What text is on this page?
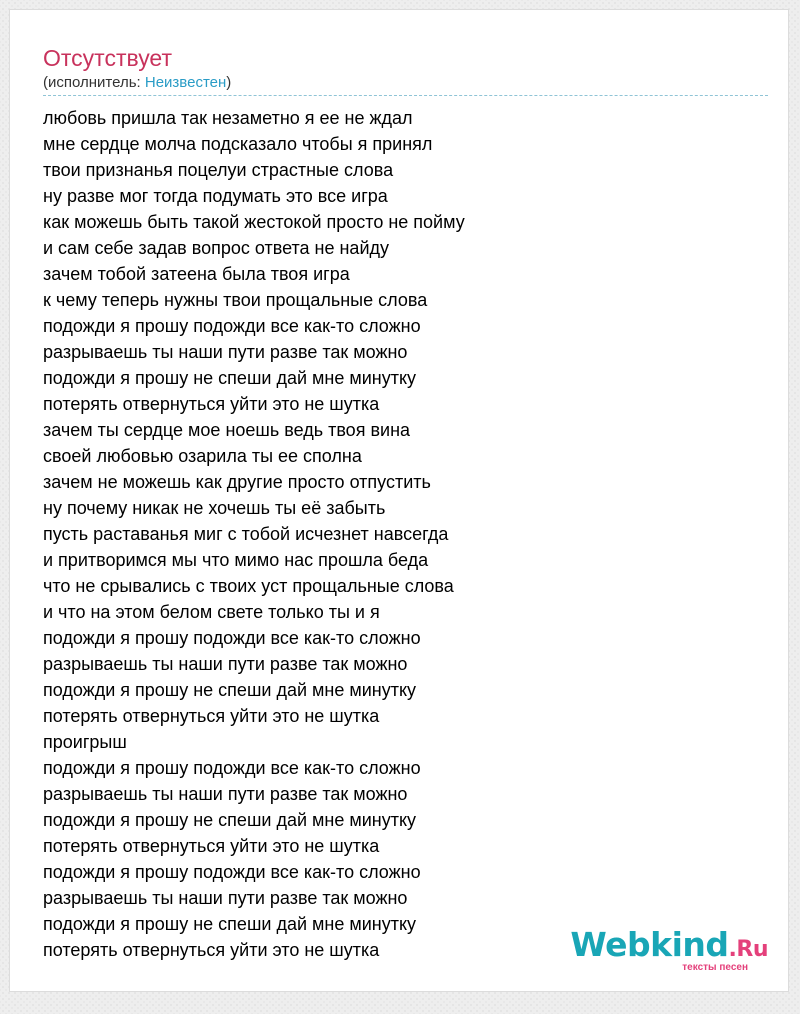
Отсутствует
(исполнитель: Неизвестен)
любовь пришла так незаметно я ее не ждал
мне сердце молча подсказало чтобы я принял
твои признанья поцелуи страстные слова
ну разве мог тогда подумать это все игра
как можешь быть такой жестокой просто не пойму
и сам себе задав вопрос ответа не найду
зачем тобой затеена была твоя игра
к чему теперь нужны твои прощальные слова
подожди я прошу подожди все как-то сложно
разрываешь ты наши пути разве так можно
подожди я прошу не спеши дай мне минутку
потерять отвернуться уйти это не шутка
зачем ты сердце мое ноешь ведь твоя вина
своей любовью озарила ты ее сполна
зачем не можешь как другие просто отпустить
ну почему никак не хочешь ты её забыть
пусть раставанья миг с тобой исчезнет навсегда
и притворимся мы что мимо нас прошла беда
что не срывались с твоих уст прощальные слова
и что на этом белом свете только ты и я
подожди я прошу подожди все как-то сложно
разрываешь ты наши пути разве так можно
подожди я прошу не спеши дай мне минутку
потерять отвернуться уйти это не шутка
проигрыш
подожди я прошу подожди все как-то сложно
разрываешь ты наши пути разве так можно
подожди я прошу не спеши дай мне минутку
потерять отвернуться уйти это не шутка
подожди я прошу подожди все как-то сложно
разрываешь ты наши пути разве так можно
подожди я прошу не спеши дай мне минутку
потерять отвернуться уйти это не шутка	Webkind.Ru
тексты песен
